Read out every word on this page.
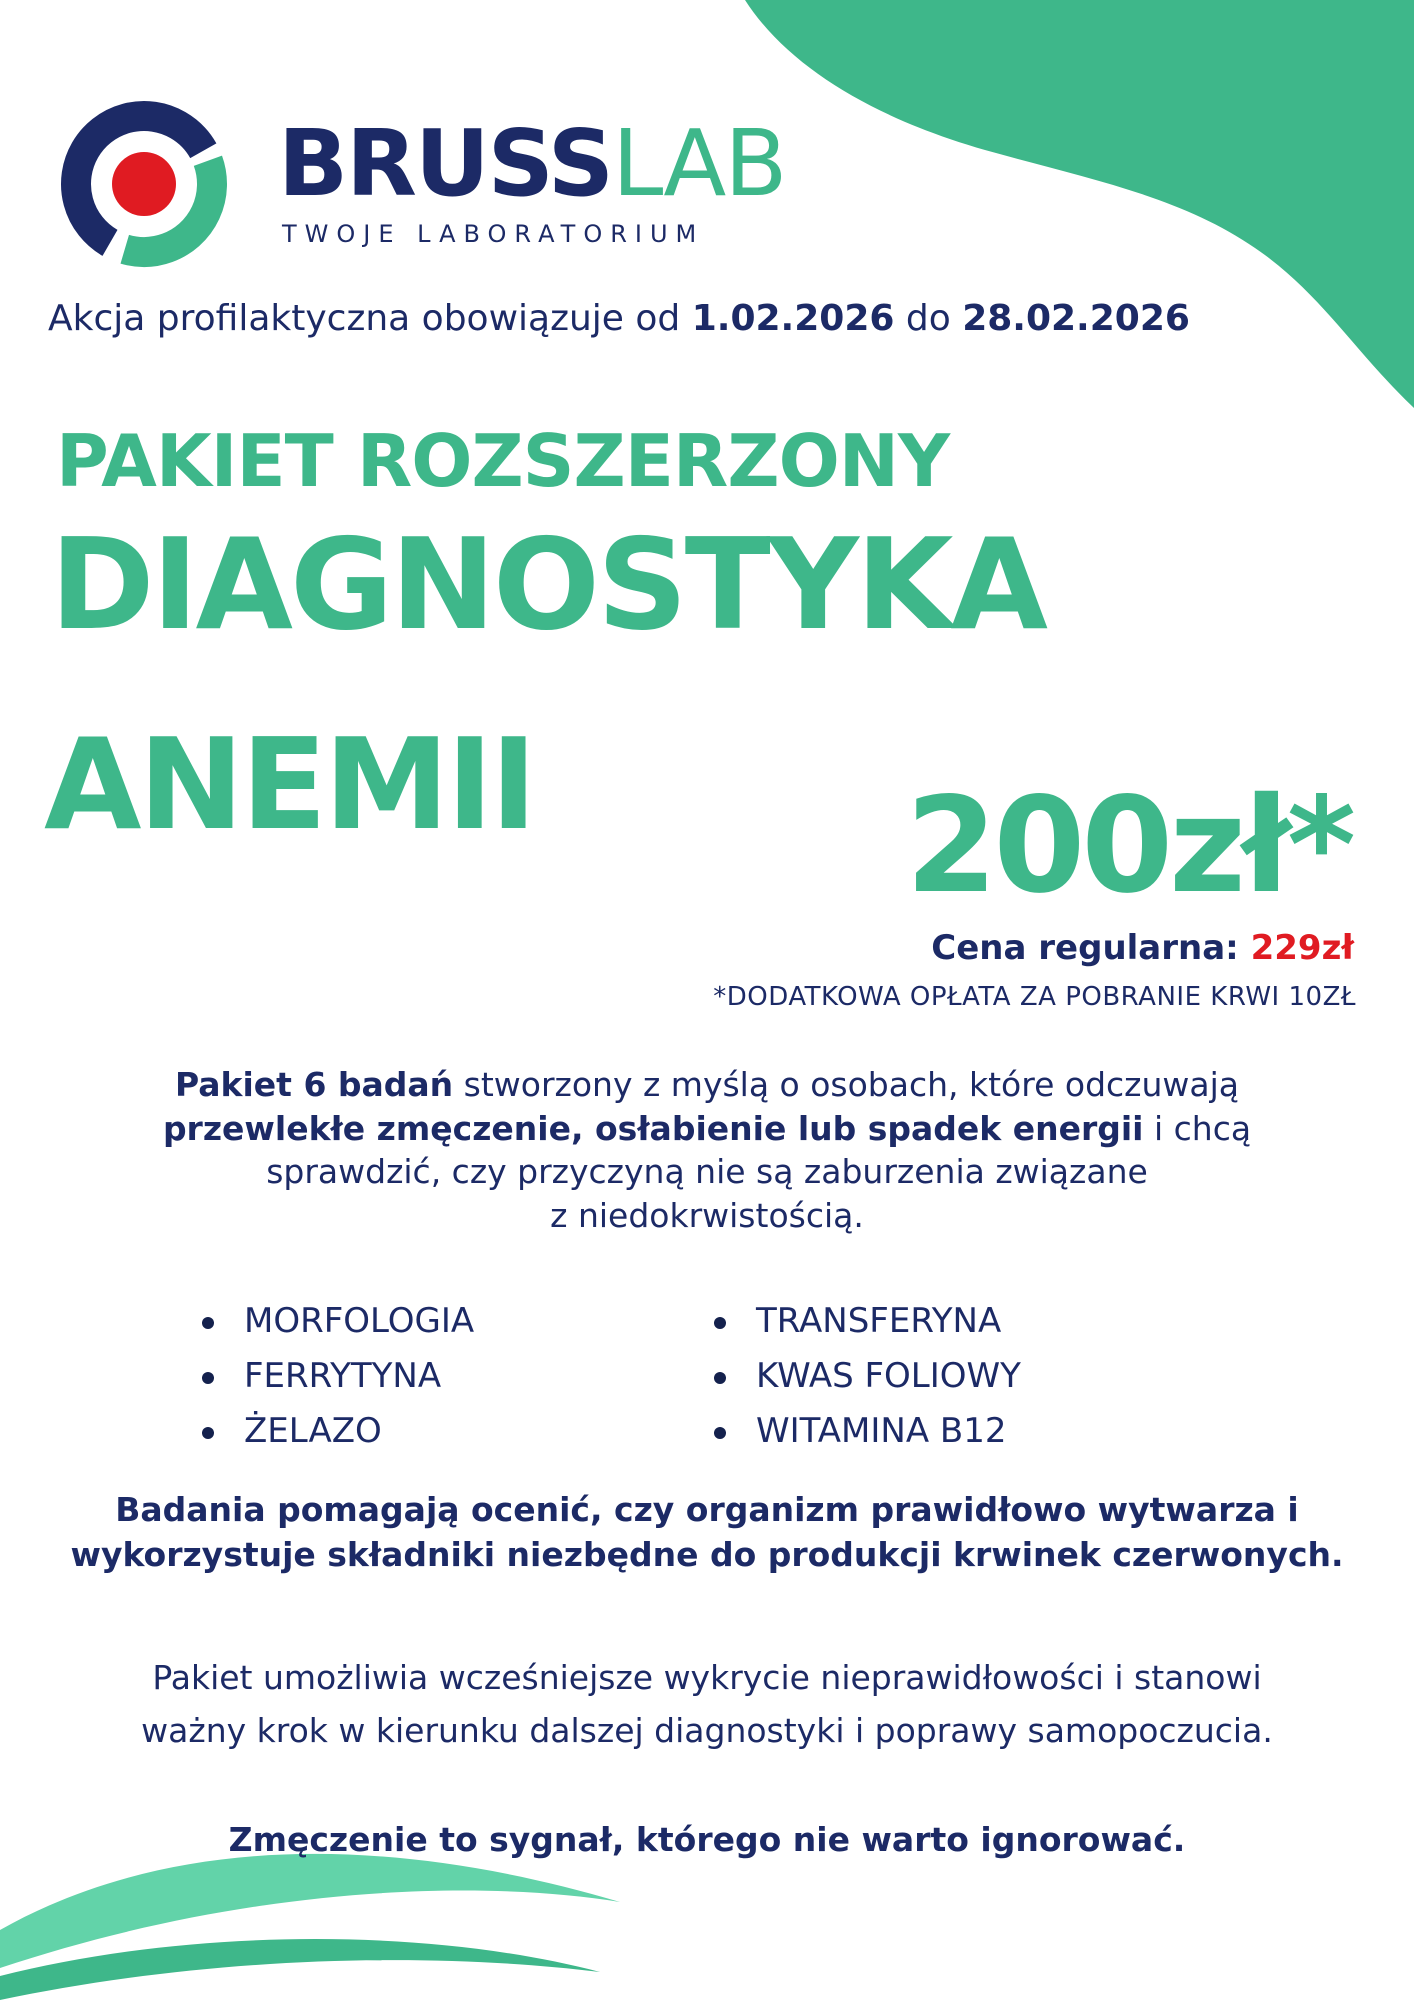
BRUSSLAB
TWOJE LABORATORIUM
Akcja profilaktyczna obowiązuje od 1.02.2026 do 28.02.2026
PAKIET ROZSZERZONY
DIAGNOSTYKA
ANEMII	200zł*
Cena regularna: 229zł
*DODATKOWA OPŁATA ZA POBRANIE KRWI 10ZŁ
Pakiet 6 badań stworzony z myślą o osobach, które odczuwają
przewlekłe zmęczenie, osłabienie lub spadek energii i chcą
sprawdzić, czy przyczyną nie są zaburzenia związane
z niedokrwistością.
MORFOLOGIA
FERRYTYNA
ŻELAZO
TRANSFERYNA
KWAS FOLIOWY
WITAMINA B12
Badania pomagają ocenić, czy organizm prawidłowo wytwarza i
wykorzystuje składniki niezbędne do produkcji krwinek czerwonych.
Pakiet umożliwia wcześniejsze wykrycie nieprawidłowości i stanowi
ważny krok w kierunku dalszej diagnostyki i poprawy samopoczucia.
Zmęczenie to sygnał, którego nie warto ignorować.
